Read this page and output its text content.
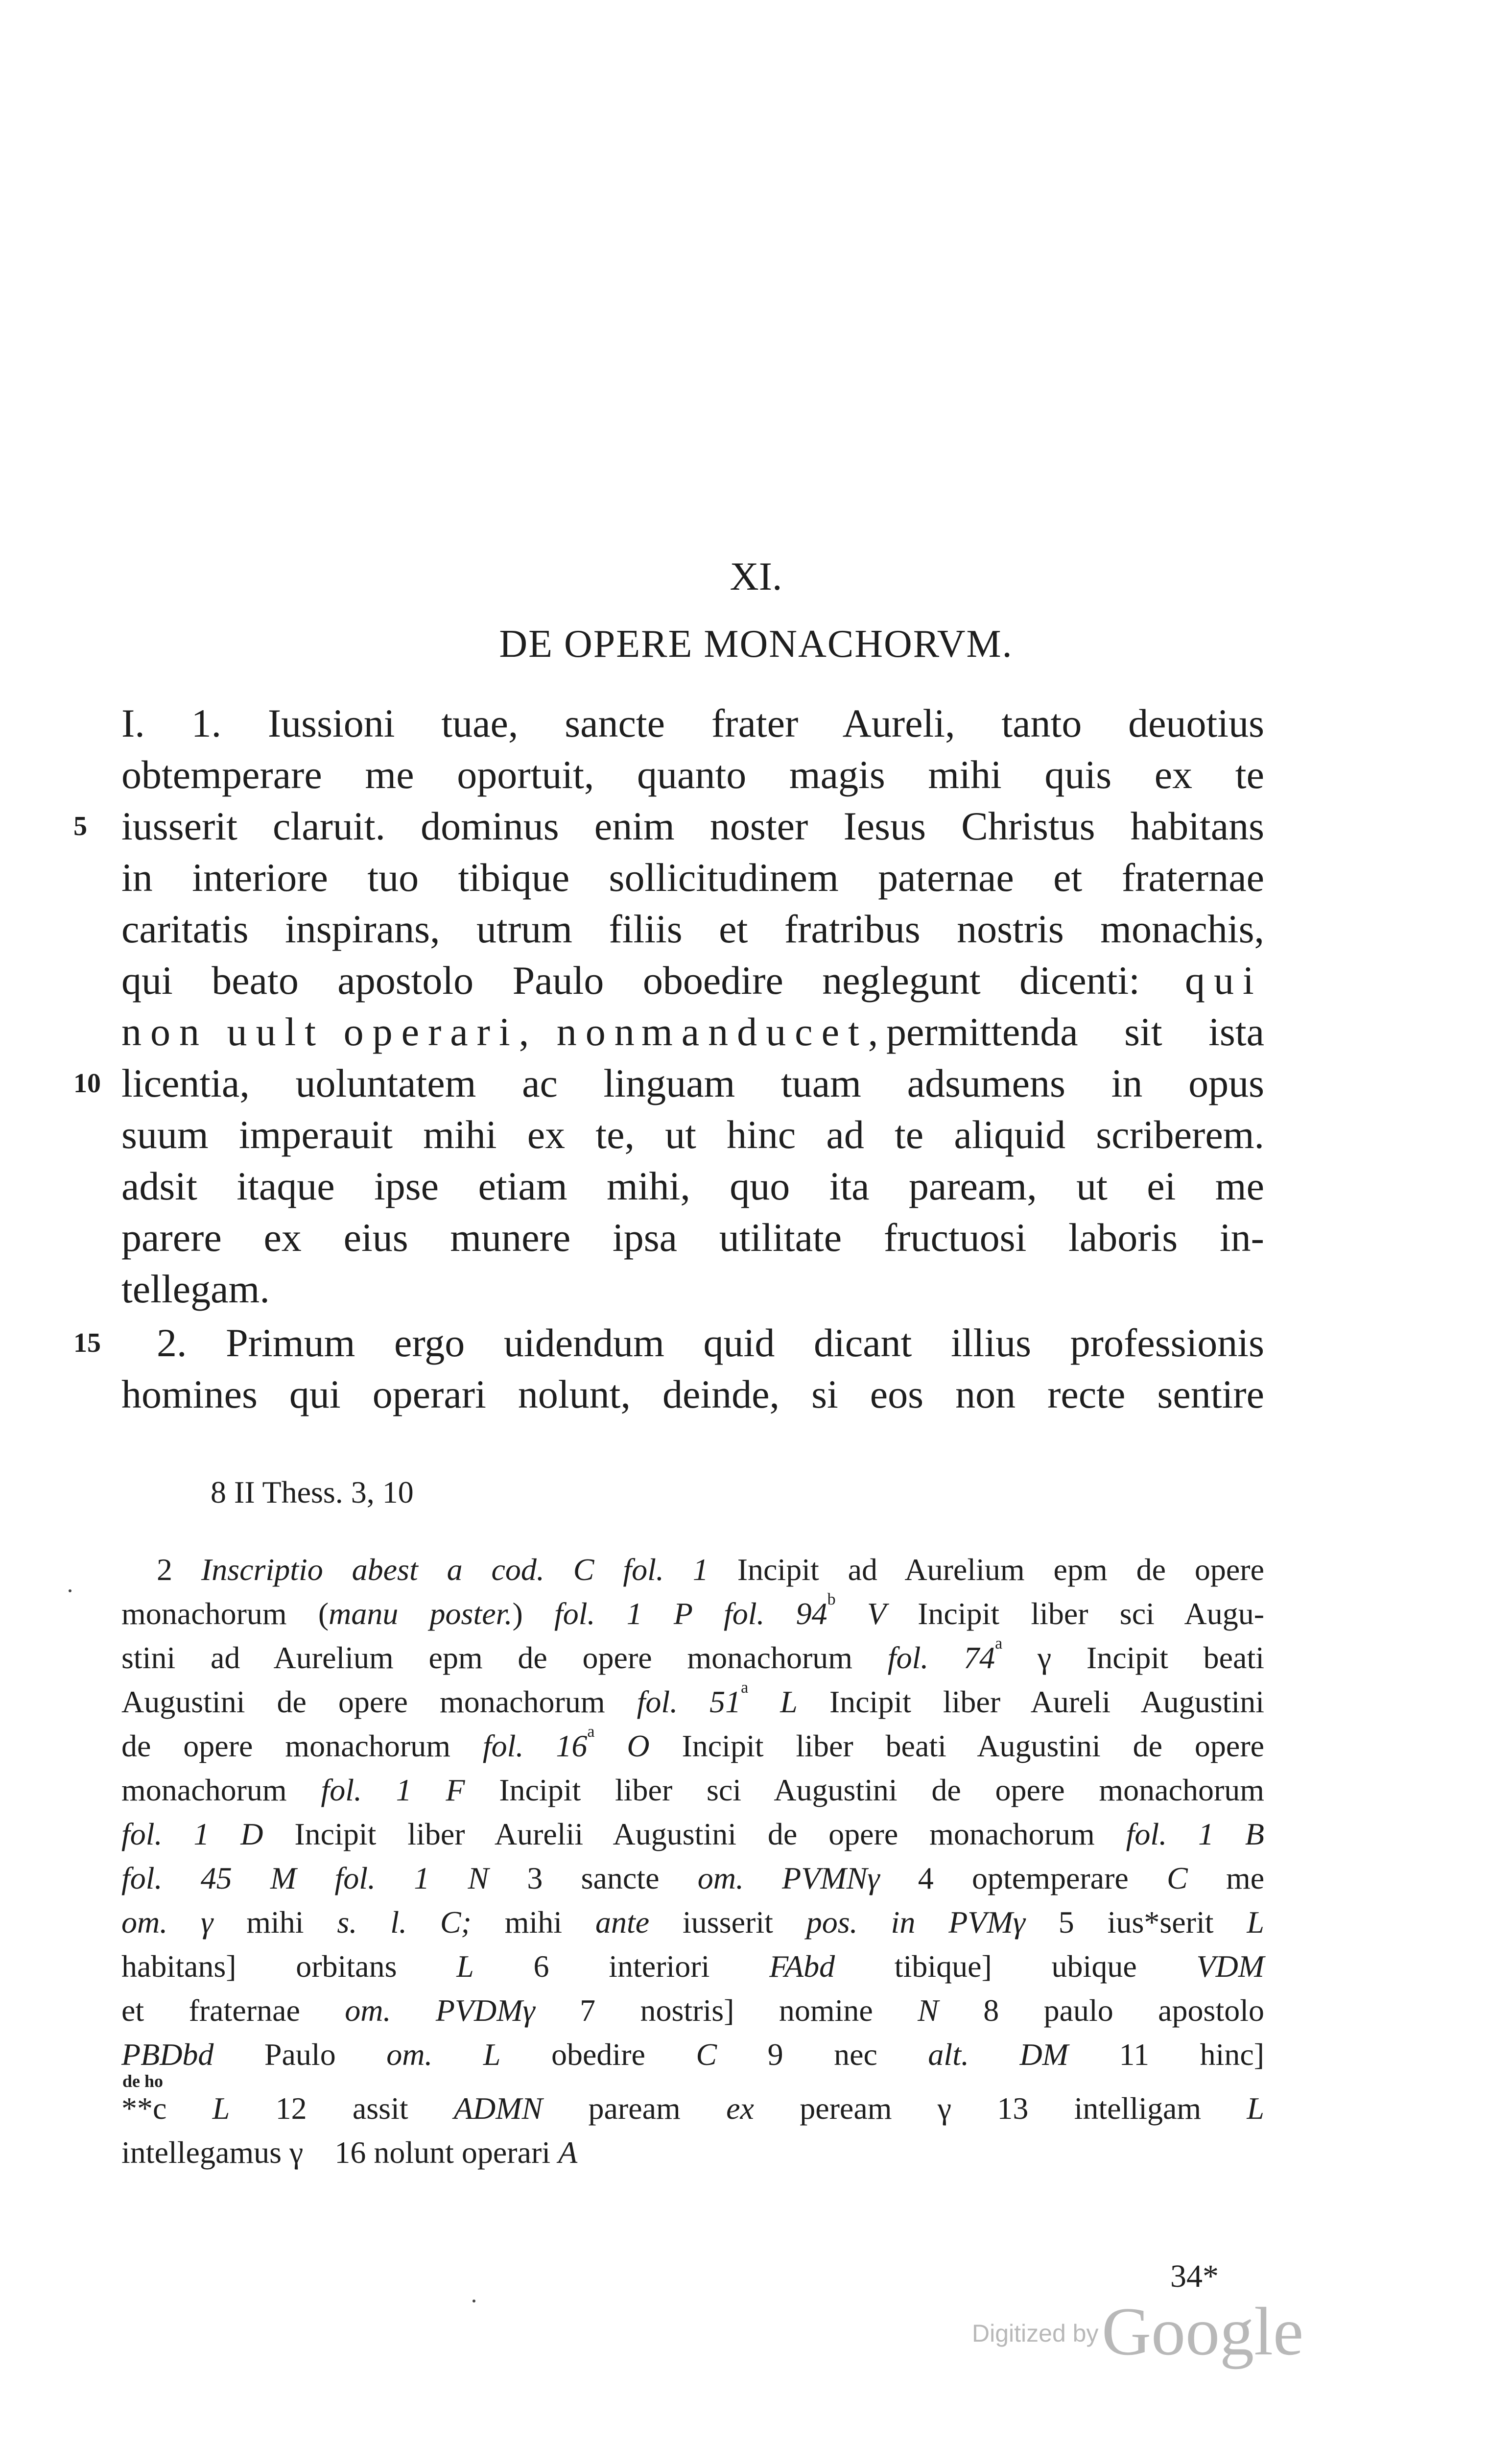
XI.
DE OPERE MONACHORVM.
I. 1. Iussioni tuae, sancte frater Aureli, tanto deuotius
obtemperare me oportuit, quanto magis mihi quis ex te
5 iusserit claruit. dominus enim noster Iesus Christus habitans
in interiore tuo tibique sollicitudinem paternae et fraternae
caritatis inspirans, utrum filiis et fratribus nostris monachis,
qui beato apostolo Paulo oboedire neglegunt dicenti: qui
non uult operari, non
manducet,
permittenda sit ista
10 licentia, uoluntatem ac linguam tuam adsumens in opus
suum imperauit mihi ex te, ut hinc ad te aliquid scriberem.
adsit itaque ipse etiam mihi, quo ita paream, ut ei me
parere ex eius munere ipsa utilitate fructuosi laboris in-
tellegam.
15 2. Primum ergo uidendum quid dicant illius professionis
homines qui operari nolunt, deinde, si eos non recte sentire
8 II Thess. 3, 10
2 Inscriptio abest a cod. C fol. 1 Incipit ad Aurelium epm de opere
monachorum (manu poster.) fol. 1 P fol. 94$^b$ V Incipit liber sci Augu-
stini ad Aurelium epm de opere monachorum fol. 74$^a$ γ Incipit beati
Augustini de opere monachorum fol. 51$^a$ L Incipit liber Aureli Augustini
de opere monachorum fol. 16$^a$ O Incipit liber beati Augustini de opere
monachorum fol. 1 F Incipit liber sci Augustini de opere monachorum
fol. 1 D Incipit liber Aurelii Augustini de opere monachorum fol. 1 B
fol. 45 M fol. 1 N 3 sancte om. PVMNγ 4 optemperare C me
om. γ mihi s. l. C; mihi ante iusserit pos. in PVMγ 5 ius*serit L
habitans] orbitans L 6 interiori FAbd tibique] ubique VDM
et fraternae om. PVDMγ 7 nostris] nomine N 8 paulo apostolo
PBDbd Paulo om. L obedire C 9 nec alt. DM 11 hinc]
de ho
**c L 12 assit ADMN paream ex peream γ 13 intelligam L
intellegamus γ 16 nolunt operari A
34*
Digitized by Google
